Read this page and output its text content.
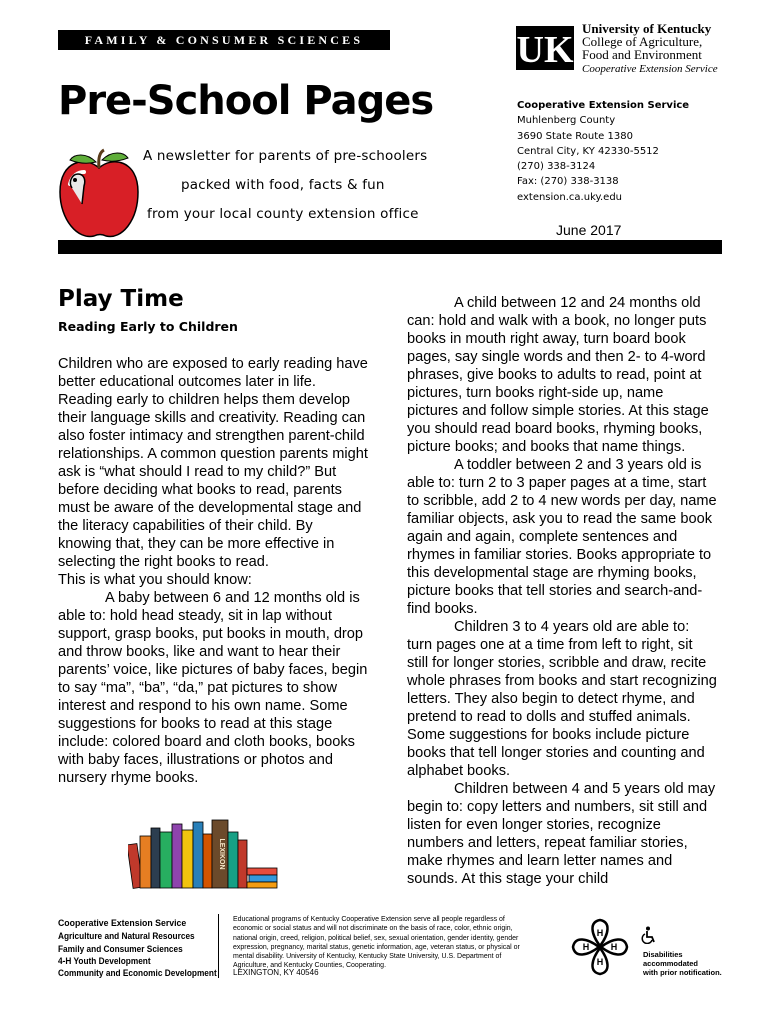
FAMILY & CONSUMER SCIENCES	UK
University of Kentucky
College of Agriculture,
Food and Environment
Cooperative Extension Service
Pre-School Pages
A newsletter for parents of pre-schoolers
packed with food, facts & fun
from your local county extension office
Cooperative Extension Service
Muhlenberg County
3690 State Route 1380
Central City, KY 42330-5512
(270) 338-3124
Fax: (270) 338-3138
extension.ca.uky.edu
June 2017
Play Time
Reading Early to Children

Children who are exposed to early reading have better educational outcomes later in life. Reading early to children helps them develop their language skills and creativity. Reading can also foster intimacy and strengthen parent-child relationships. A common question parents might ask is “what should I read to my child?” But before deciding what books to read, parents must be aware of the developmental stage and the literacy capabilities of their child. By knowing that, they can be more effective in selecting the right books to read.

This is what you should know:

A baby between 6 and 12 months old is able to: hold head steady, sit in lap without support, grasp books, put books in mouth, drop and throw books, like and want to hear their parents’ voice, like pictures of baby faces, begin to say “ma”, “ba”, “da,” pat pictures to show interest and respond to his own name. Some suggestions for books to read at this stage include: colored board and cloth books, books with baby faces, illustrations or photos and nursery rhyme books.

A child between 12 and 24 months old can: hold and walk with a book, no longer puts books in mouth right away, turn board book pages, say single words and then 2- to 4-word phrases, give books to adults to read, point at pictures, turn books right-side up, name pictures and follow simple stories. At this stage you should read board books, rhyming books, picture books; and books that name things.

A toddler between 2 and 3 years old is able to: turn 2 to 3 paper pages at a time, start to scribble, add 2 to 4 new words per day, name familiar objects, ask you to read the same book again and again, complete sentences and rhymes in familiar stories. Books appropriate to this developmental stage are rhyming books, picture books that tell stories and search-and-find books.

Children 3 to 4 years old are able to: turn pages one at a time from left to right, sit still for longer stories, scribble and draw, recite whole phrases from books and start recognizing letters. They also begin to detect rhyme, and pretend to read to dolls and stuffed animals. Some suggestions for books include picture books that tell longer stories and counting and alphabet books.

Children between 4 and 5 years old may begin to: copy letters and numbers, sit still and listen for even longer stories, recognize numbers and letters, repeat familiar stories, make rhymes and learn letter names and sounds. At this stage your child

LEXIKON
Cooperative Extension Service
Agriculture and Natural Resources
Family and Consumer Sciences
4-H Youth Development
Community and Economic Development
Educational programs of Kentucky Cooperative Extension serve all people regardless of economic or social status and will not discriminate on the basis of race, color, ethnic origin, national origin, creed, religion, political belief, sex, sexual orientation, gender identity, gender expression, pregnancy, marital status, genetic information, age, veteran status, or physical or mental disability. University of Kentucky, Kentucky State University, U.S. Department of Agriculture, and Kentucky Counties, Cooperating.
LEXINGTON, KY 40546
H
H
H H
Disabilities
accommodated
with prior notification.
